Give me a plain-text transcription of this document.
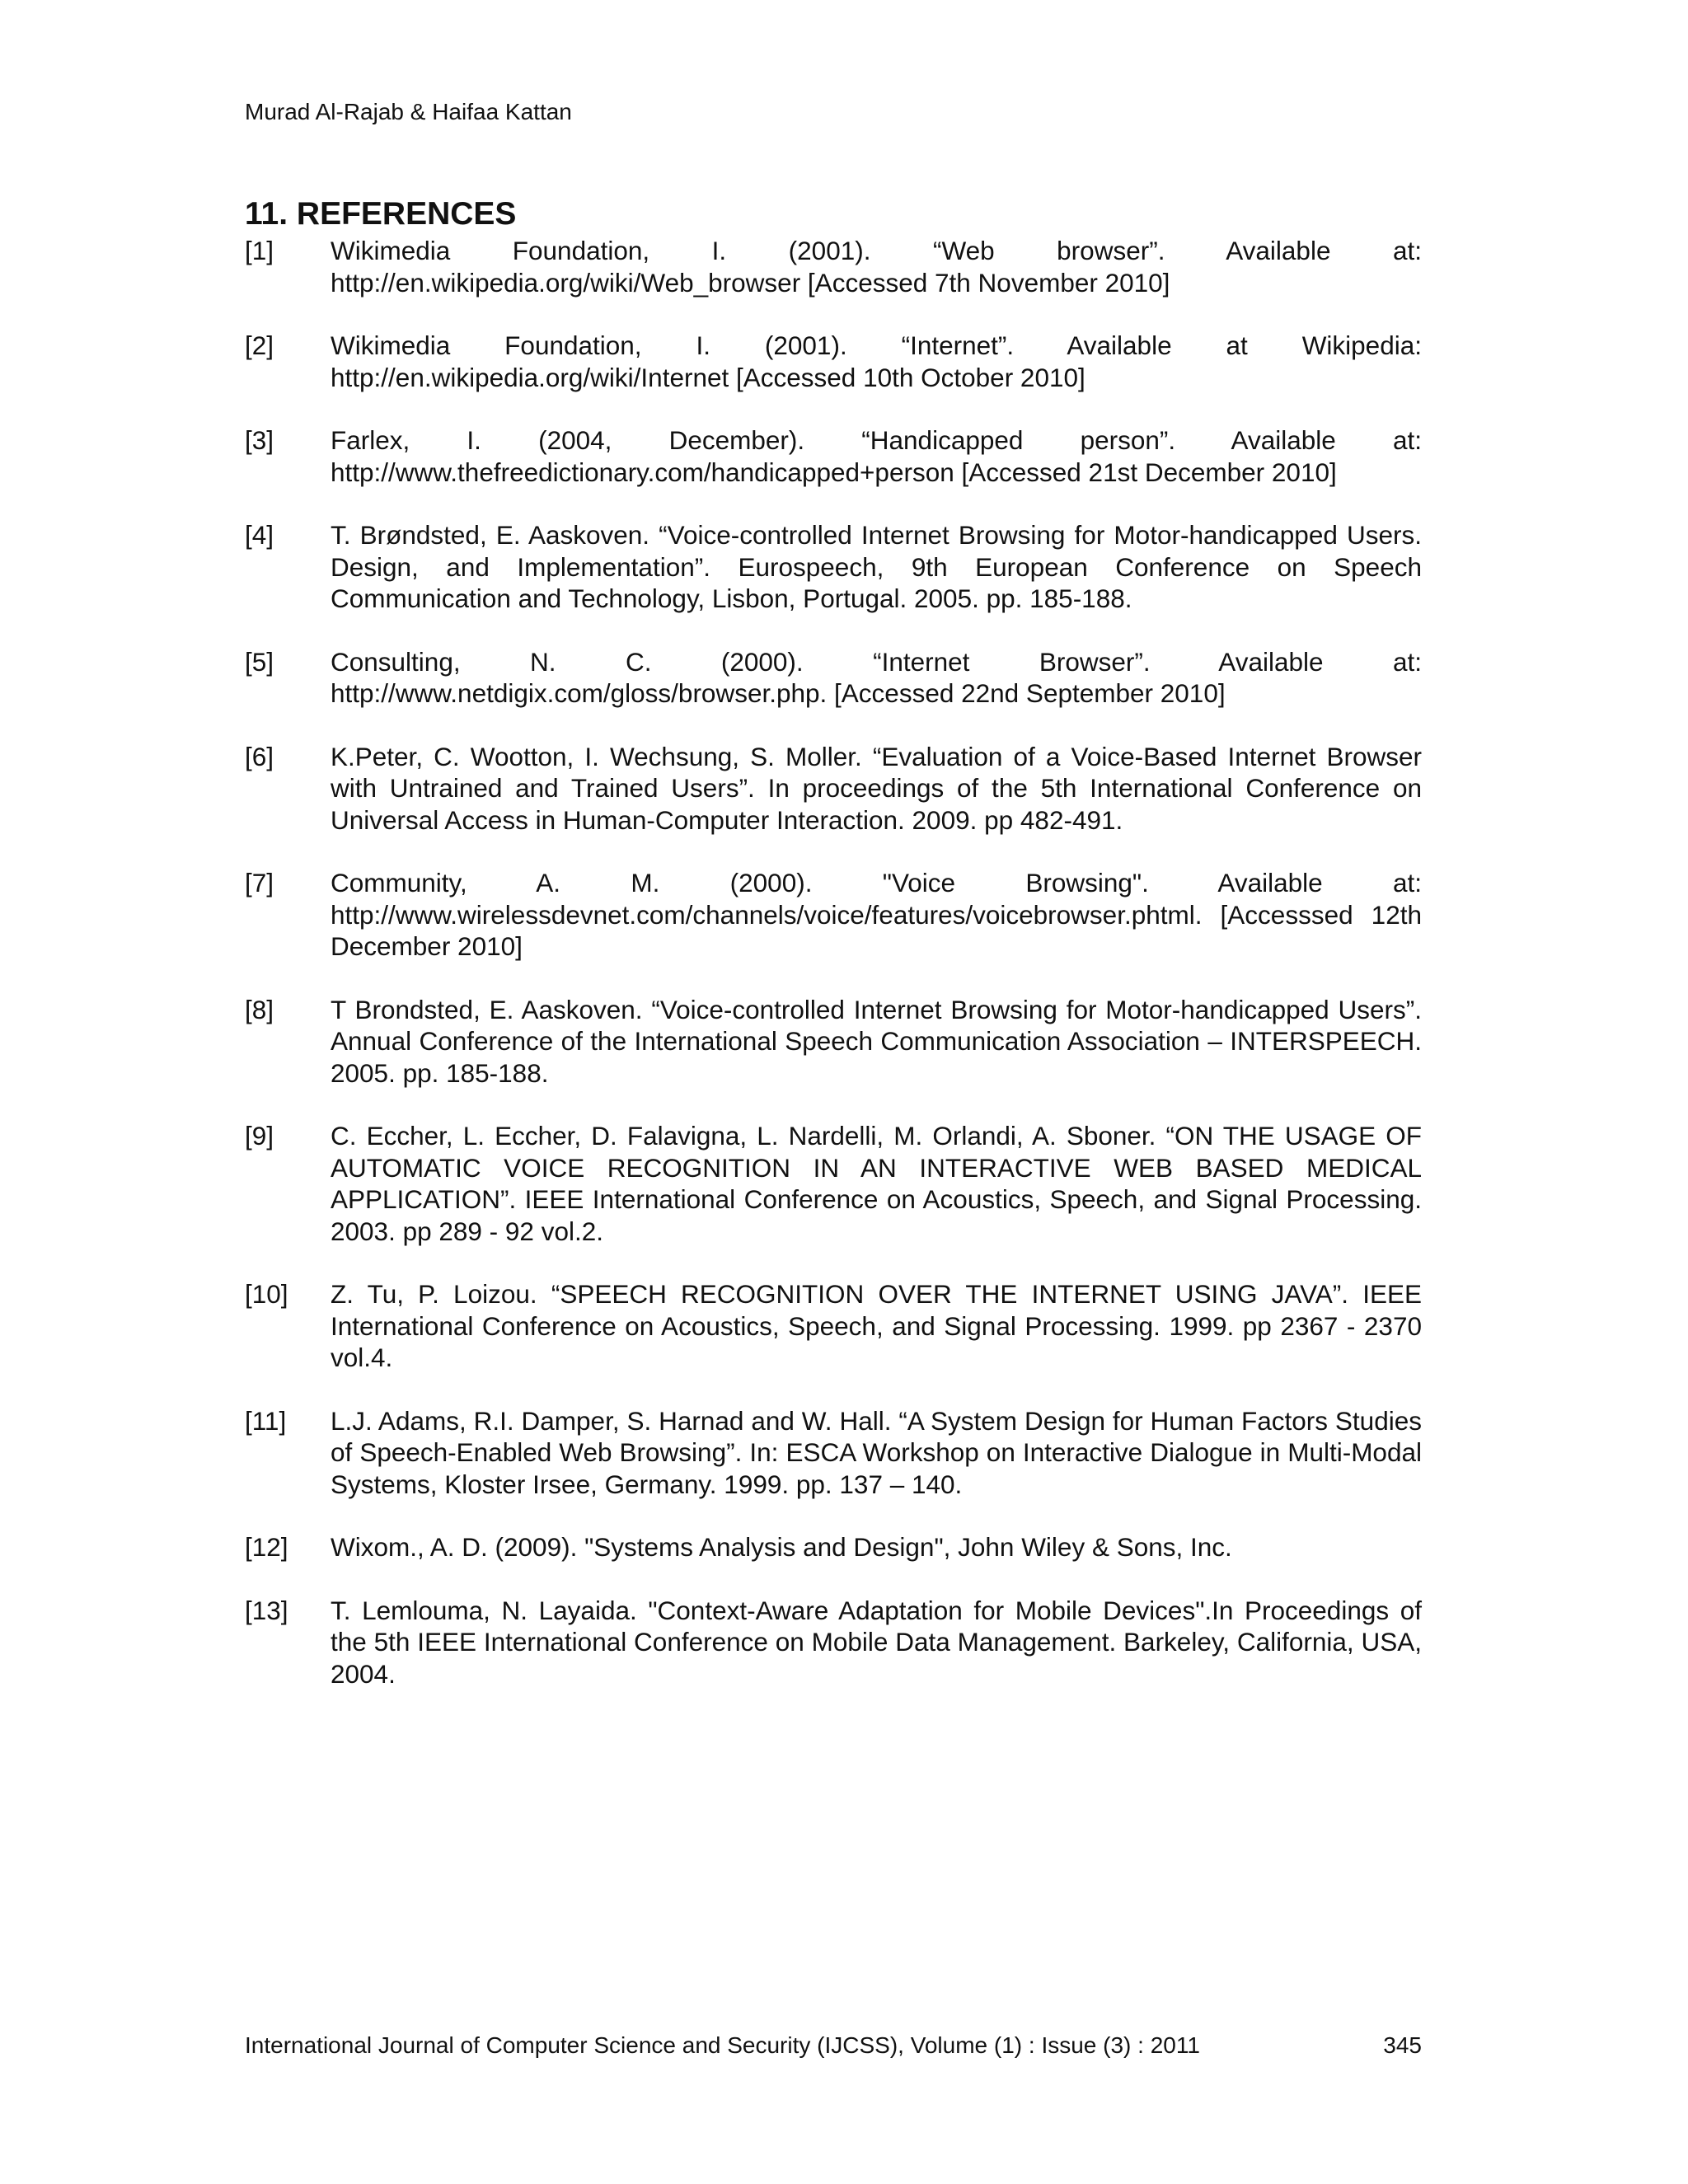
Murad Al-Rajab & Haifaa Kattan
11. REFERENCES
[1]	Wikimedia Foundation, I. (2001). “Web browser”. Available at: http://en.wikipedia.org/wiki/Web_browser [Accessed 7th November 2010]
[2]	Wikimedia Foundation, I. (2001). “Internet”. Available at Wikipedia: http://en.wikipedia.org/wiki/Internet [Accessed 10th October 2010]
[3]	Farlex, I. (2004, December). “Handicapped person”. Available at: http://www.thefreedictionary.com/handicapped+person [Accessed 21st December 2010]
[4]	T. Brøndsted, E. Aaskoven. “Voice-controlled Internet Browsing for Motor-handicapped Users. Design, and Implementation”. Eurospeech, 9th European Conference on Speech Communication and Technology, Lisbon, Portugal. 2005. pp. 185-188.
[5]	Consulting, N. C. (2000). “Internet Browser”. Available at: http://www.netdigix.com/gloss/browser.php. [Accessed 22nd September 2010]
[6]	K.Peter, C. Wootton, I. Wechsung, S. Moller. “Evaluation of a Voice-Based Internet Browser with Untrained and Trained Users”. In proceedings of the 5th International Conference on Universal Access in Human-Computer Interaction. 2009. pp 482-491.
[7]	Community, A. M. (2000). "Voice Browsing". Available at: http://www.wirelessdevnet.com/channels/voice/features/voicebrowser.phtml. [Accesssed 12th December 2010]
[8]	T Brondsted, E. Aaskoven. “Voice-controlled Internet Browsing for Motor-handicapped Users”. Annual Conference of the International Speech Communication Association – INTERSPEECH. 2005. pp. 185-188.
[9]	C. Eccher, L. Eccher, D. Falavigna, L. Nardelli, M. Orlandi, A. Sboner. “ON THE USAGE OF AUTOMATIC VOICE RECOGNITION IN AN INTERACTIVE WEB BASED MEDICAL APPLICATION”. IEEE International Conference on Acoustics, Speech, and Signal Processing. 2003. pp 289 - 92 vol.2.
[10]	Z. Tu, P. Loizou. “SPEECH RECOGNITION OVER THE INTERNET USING JAVA”. IEEE International Conference on Acoustics, Speech, and Signal Processing. 1999. pp 2367 - 2370 vol.4.
[11]	L.J. Adams, R.I. Damper, S. Harnad and W. Hall. “A System Design for Human Factors Studies of Speech-Enabled Web Browsing”. In: ESCA Workshop on Interactive Dialogue in Multi-Modal Systems, Kloster Irsee, Germany. 1999. pp. 137 – 140.
[12]	Wixom., A. D. (2009). "Systems Analysis and Design", John Wiley & Sons, Inc.
[13]	T. Lemlouma, N. Layaida. "Context-Aware Adaptation for Mobile Devices".In Proceedings of the 5th IEEE International Conference on Mobile Data Management. Barkeley, California, USA, 2004.
International Journal of Computer Science and Security (IJCSS), Volume (1) : Issue (3) : 2011	345
